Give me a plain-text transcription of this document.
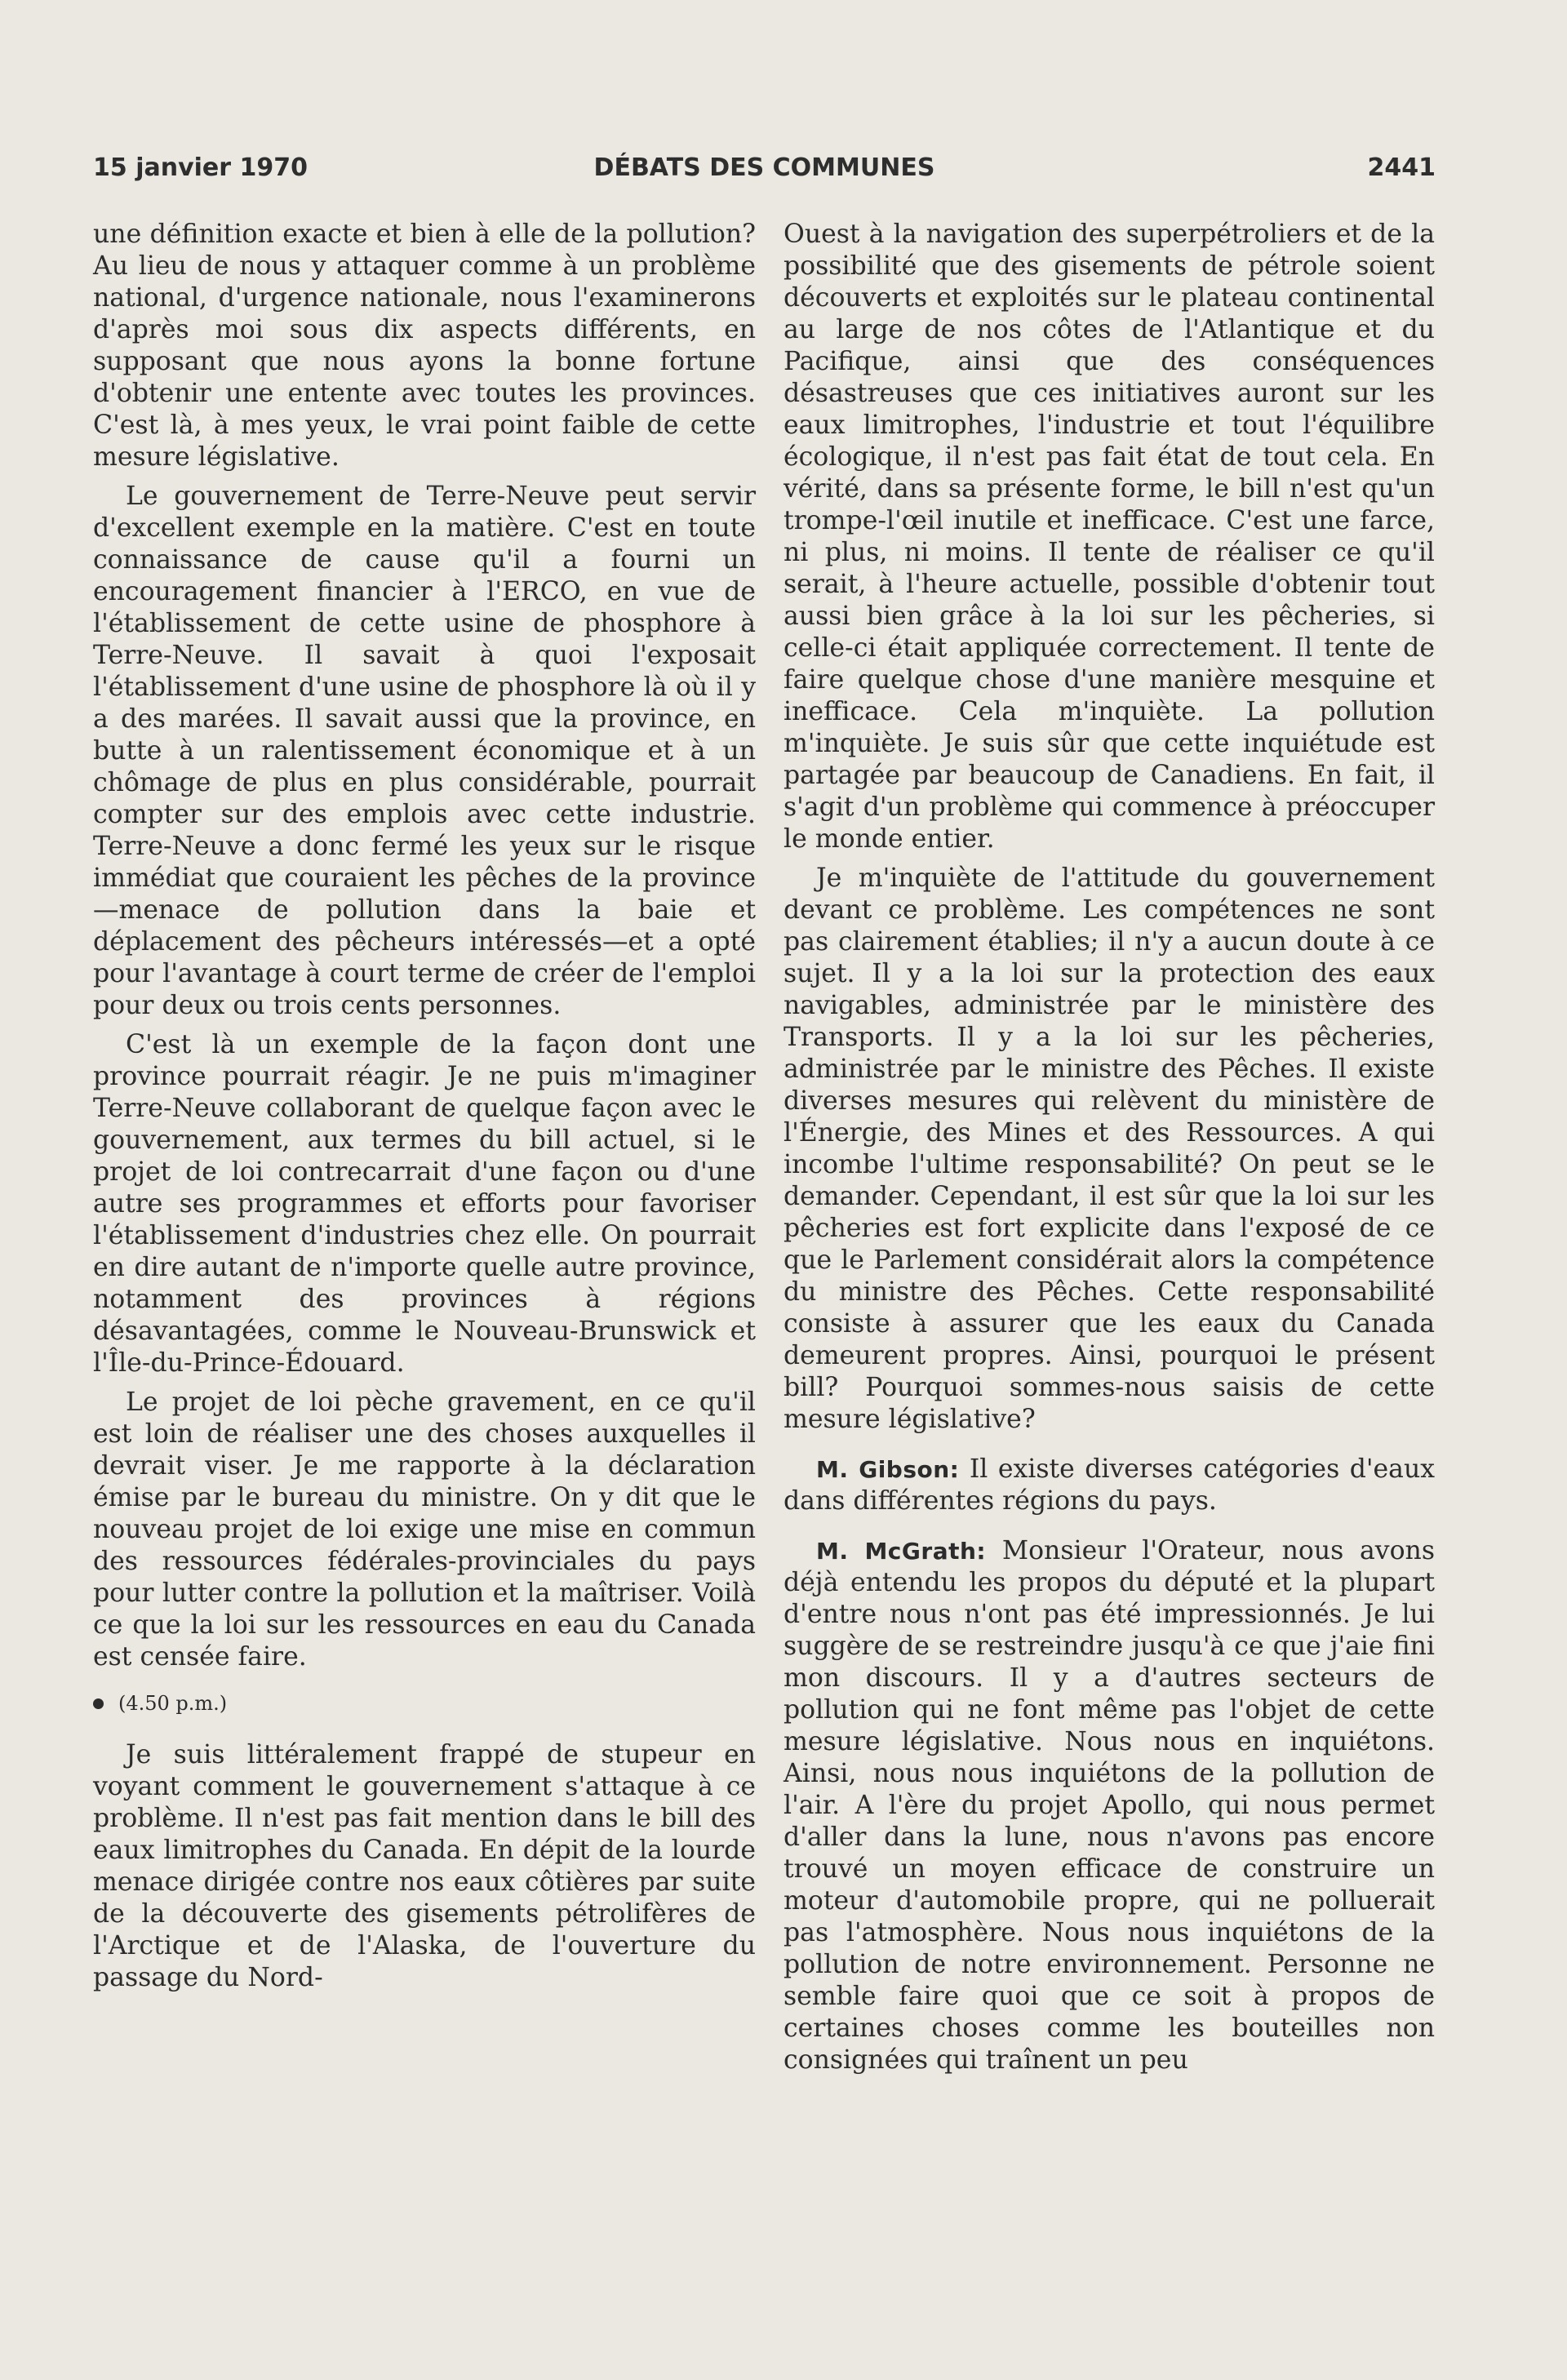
15 janvier 1970	DÉBATS DES COMMUNES	2441

une définition exacte et bien à elle de la pollution? Au lieu de nous y attaquer comme à un problème national, d'urgence nationale, nous l'examinerons d'après moi sous dix aspects différents, en supposant que nous ayons la bonne fortune d'obtenir une entente avec toutes les provinces. C'est là, à mes yeux, le vrai point faible de cette mesure législative.

Le gouvernement de Terre-Neuve peut servir d'excellent exemple en la matière. C'est en toute connaissance de cause qu'il a fourni un encouragement financier à l'ERCO, en vue de l'établissement de cette usine de phosphore à Terre-Neuve. Il savait à quoi l'exposait l'établissement d'une usine de phosphore là où il y a des marées. Il savait aussi que la province, en butte à un ralentissement économique et à un chômage de plus en plus considérable, pourrait compter sur des emplois avec cette industrie. Terre-Neuve a donc fermé les yeux sur le risque immédiat que couraient les pêches de la province—menace de pollution dans la baie et déplacement des pêcheurs intéressés—et a opté pour l'avantage à court terme de créer de l'emploi pour deux ou trois cents personnes.

C'est là un exemple de la façon dont une province pourrait réagir. Je ne puis m'imaginer Terre-Neuve collaborant de quelque façon avec le gouvernement, aux termes du bill actuel, si le projet de loi contrecarrait d'une façon ou d'une autre ses programmes et efforts pour favoriser l'établissement d'industries chez elle. On pourrait en dire autant de n'importe quelle autre province, notamment des provinces à régions désavantagées, comme le Nouveau-Brunswick et l'Île-du-Prince-Édouard.

Le projet de loi pèche gravement, en ce qu'il est loin de réaliser une des choses auxquelles il devrait viser. Je me rapporte à la déclaration émise par le bureau du ministre. On y dit que le nouveau projet de loi exige une mise en commun des ressources fédérales-provinciales du pays pour lutter contre la pollution et la maîtriser. Voilà ce que la loi sur les ressources en eau du Canada est censée faire.

(4.50 p.m.)

Je suis littéralement frappé de stupeur en voyant comment le gouvernement s'attaque à ce problème. Il n'est pas fait mention dans le bill des eaux limitrophes du Canada. En dépit de la lourde menace dirigée contre nos eaux côtières par suite de la découverte des gisements pétrolifères de l'Arctique et de l'Alaska, de l'ouverture du passage du Nord-

Ouest à la navigation des superpétroliers et de la possibilité que des gisements de pétrole soient découverts et exploités sur le plateau continental au large de nos côtes de l'Atlantique et du Pacifique, ainsi que des conséquences désastreuses que ces initiatives auront sur les eaux limitrophes, l'industrie et tout l'équilibre écologique, il n'est pas fait état de tout cela. En vérité, dans sa présente forme, le bill n'est qu'un trompe-l'œil inutile et inefficace. C'est une farce, ni plus, ni moins. Il tente de réaliser ce qu'il serait, à l'heure actuelle, possible d'obtenir tout aussi bien grâce à la loi sur les pêcheries, si celle-ci était appliquée correctement. Il tente de faire quelque chose d'une manière mesquine et inefficace. Cela m'inquiète. La pollution m'inquiète. Je suis sûr que cette inquiétude est partagée par beaucoup de Canadiens. En fait, il s'agit d'un problème qui commence à préoccuper le monde entier.

Je m'inquiète de l'attitude du gouvernement devant ce problème. Les compétences ne sont pas clairement établies; il n'y a aucun doute à ce sujet. Il y a la loi sur la protection des eaux navigables, administrée par le ministère des Transports. Il y a la loi sur les pêcheries, administrée par le ministre des Pêches. Il existe diverses mesures qui relèvent du ministère de l'Énergie, des Mines et des Ressources. A qui incombe l'ultime responsabilité? On peut se le demander. Cependant, il est sûr que la loi sur les pêcheries est fort explicite dans l'exposé de ce que le Parlement considérait alors la compétence du ministre des Pêches. Cette responsabilité consiste à assurer que les eaux du Canada demeurent propres. Ainsi, pourquoi le présent bill? Pourquoi sommes-nous saisis de cette mesure législative?

M. Gibson: Il existe diverses catégories d'eaux dans différentes régions du pays.

M. McGrath: Monsieur l'Orateur, nous avons déjà entendu les propos du député et la plupart d'entre nous n'ont pas été impressionnés. Je lui suggère de se restreindre jusqu'à ce que j'aie fini mon discours. Il y a d'autres secteurs de pollution qui ne font même pas l'objet de cette mesure législative. Nous nous en inquiétons. Ainsi, nous nous inquiétons de la pollution de l'air. A l'ère du projet Apollo, qui nous permet d'aller dans la lune, nous n'avons pas encore trouvé un moyen efficace de construire un moteur d'automobile propre, qui ne polluerait pas l'atmosphère. Nous nous inquiétons de la pollution de notre environnement. Personne ne semble faire quoi que ce soit à propos de certaines choses comme les bouteilles non consignées qui traînent un peu
